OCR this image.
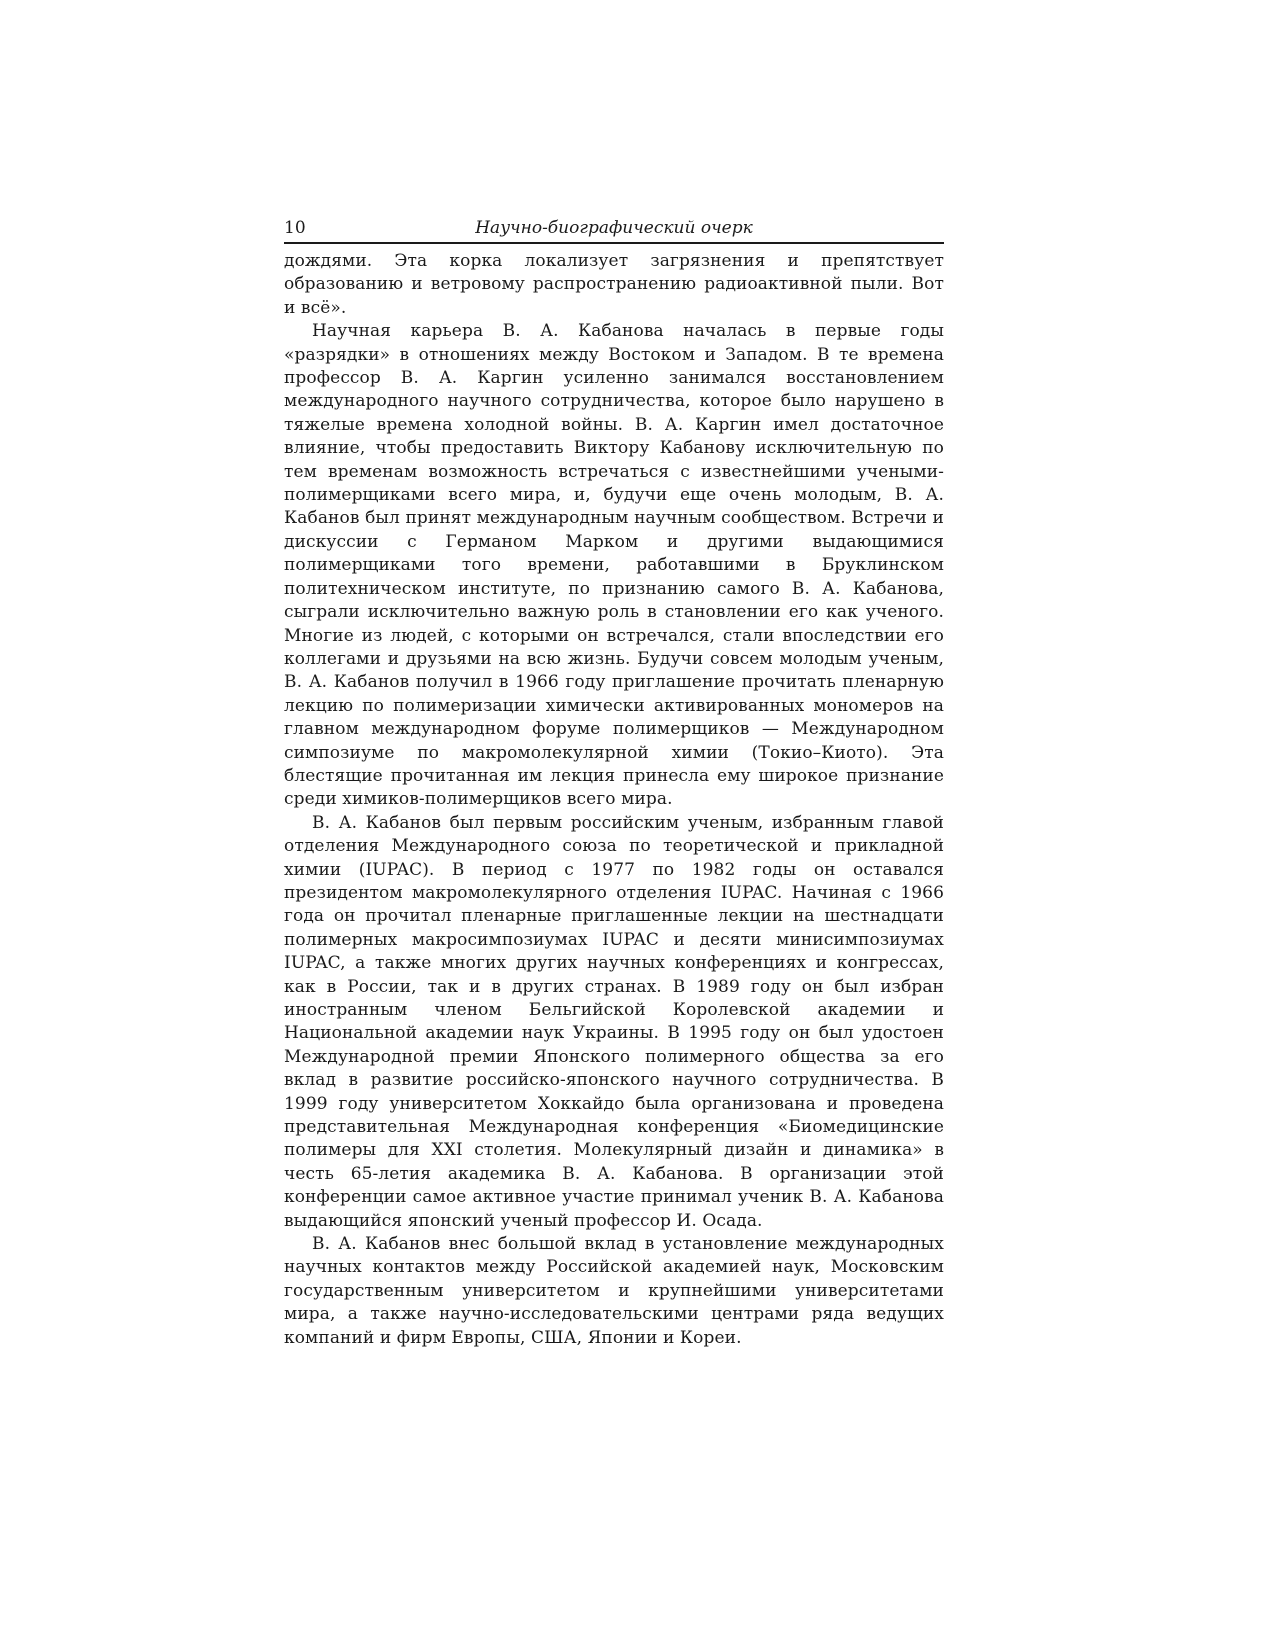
10	Научно-биографический очерк

дождями. Эта корка локализует загрязнения и препятствует образованию и ветровому распространению радиоактивной пыли. Вот и всё».

Научная карьера В. А. Кабанова началась в первые годы «разрядки» в отношениях между Востоком и Западом. В те времена профессор В. А. Каргин усиленно занимался восстановлением международного научного сотрудничества, которое было нарушено в тяжелые времена холодной войны. В. А. Каргин имел достаточное влияние, чтобы предоставить Виктору Кабанову исключительную по тем временам возможность встречаться с известнейшими учеными-полимерщиками всего мира, и, будучи еще очень молодым, В. А. Кабанов был принят международным научным сообществом. Встречи и дискуссии с Германом Марком и другими выдающимися полимерщиками того времени, работавшими в Бруклинском политехническом институте, по признанию самого В. А. Кабанова, сыграли исключительно важную роль в становлении его как ученого. Многие из людей, с которыми он встречался, стали впоследствии его коллегами и друзьями на всю жизнь. Будучи совсем молодым ученым, В. А. Кабанов получил в 1966 году приглашение прочитать пленарную лекцию по полимеризации химически активированных мономеров на главном международном форуме полимерщиков — Международном симпозиуме по макромолекулярной химии (Токио–Киото). Эта блестящие прочитанная им лекция принесла ему широкое признание среди химиков-полимерщиков всего мира.

В. А. Кабанов был первым российским ученым, избранным главой отделения Международного союза по теоретической и прикладной химии (IUPAC). В период с 1977 по 1982 годы он оставался президентом макромолекулярного отделения IUPAC. Начиная с 1966 года он прочитал пленарные приглашенные лекции на шестнадцати полимерных макросимпозиумах IUPAC и десяти минисимпозиумах IUPAC, а также многих других научных конференциях и конгрессах, как в России, так и в других странах. В 1989 году он был избран иностранным членом Бельгийской Королевской академии и Национальной академии наук Украины. В 1995 году он был удостоен Международной премии Японского полимерного общества за его вклад в развитие российско-японского научного сотрудничества. В 1999 году университетом Хоккайдо была организована и проведена представительная Международная конференция «Биомедицинские полимеры для XXI столетия. Молекулярный дизайн и динамика» в честь 65-летия академика В. А. Кабанова. В организации этой конференции самое активное участие принимал ученик В. А. Кабанова выдающийся японский ученый профессор И. Осада.

В. А. Кабанов внес большой вклад в установление международных научных контактов между Российской академией наук, Московским государственным университетом и крупнейшими университетами мира, а также научно-исследовательскими центрами ряда ведущих компаний и фирм Европы, США, Японии и Кореи.
